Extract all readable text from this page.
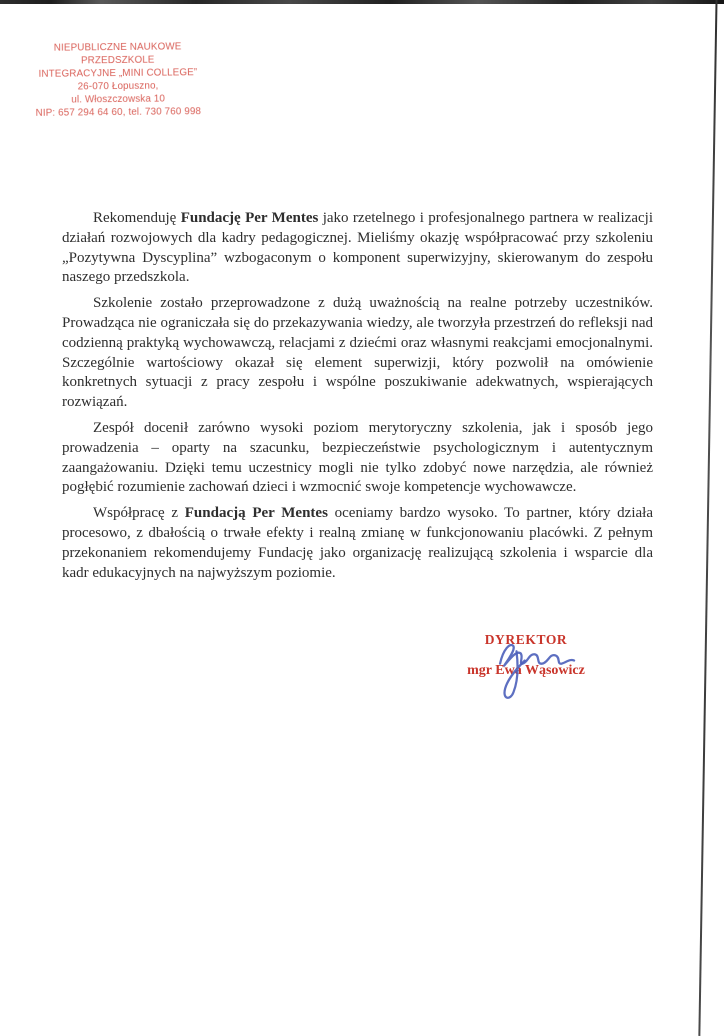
NIEPUBLICZNE NAUKOWE PRZEDSZKOLE
INTEGRACYJNE „MINI COLLEGE”
26-070 Łopuszno,
ul. Włoszczowska 10
NIP: 657 294 64 60, tel. 730 760 998

Rekomenduję Fundację Per Mentes jako rzetelnego i profesjonalnego partnera w realizacji działań rozwojowych dla kadry pedagogicznej. Mieliśmy okazję współpracować przy szkoleniu „Pozytywna Dyscyplina” wzbogaconym o komponent superwizyjny, skierowanym do zespołu naszego przedszkola.

Szkolenie zostało przeprowadzone z dużą uważnością na realne potrzeby uczestników. Prowadząca nie ograniczała się do przekazywania wiedzy, ale tworzyła przestrzeń do refleksji nad codzienną praktyką wychowawczą, relacjami z dziećmi oraz własnymi reakcjami emocjonalnymi. Szczególnie wartościowy okazał się element superwizji, który pozwolił na omówienie konkretnych sytuacji z pracy zespołu i wspólne poszukiwanie adekwatnych, wspierających rozwiązań.

Zespół docenił zarówno wysoki poziom merytoryczny szkolenia, jak i sposób jego prowadzenia – oparty na szacunku, bezpieczeństwie psychologicznym i autentycznym zaangażowaniu. Dzięki temu uczestnicy mogli nie tylko zdobyć nowe narzędzia, ale również pogłębić rozumienie zachowań dzieci i wzmocnić swoje kompetencje wychowawcze.

Współpracę z Fundacją Per Mentes oceniamy bardzo wysoko. To partner, który działa procesowo, z dbałością o trwałe efekty i realną zmianę w funkcjonowaniu placówki. Z pełnym przekonaniem rekomendujemy Fundację jako organizację realizującą szkolenia i wsparcie dla kadr edukacyjnych na najwyższym poziomie.

DYREKTOR
mgr Ewa Wąsowicz
